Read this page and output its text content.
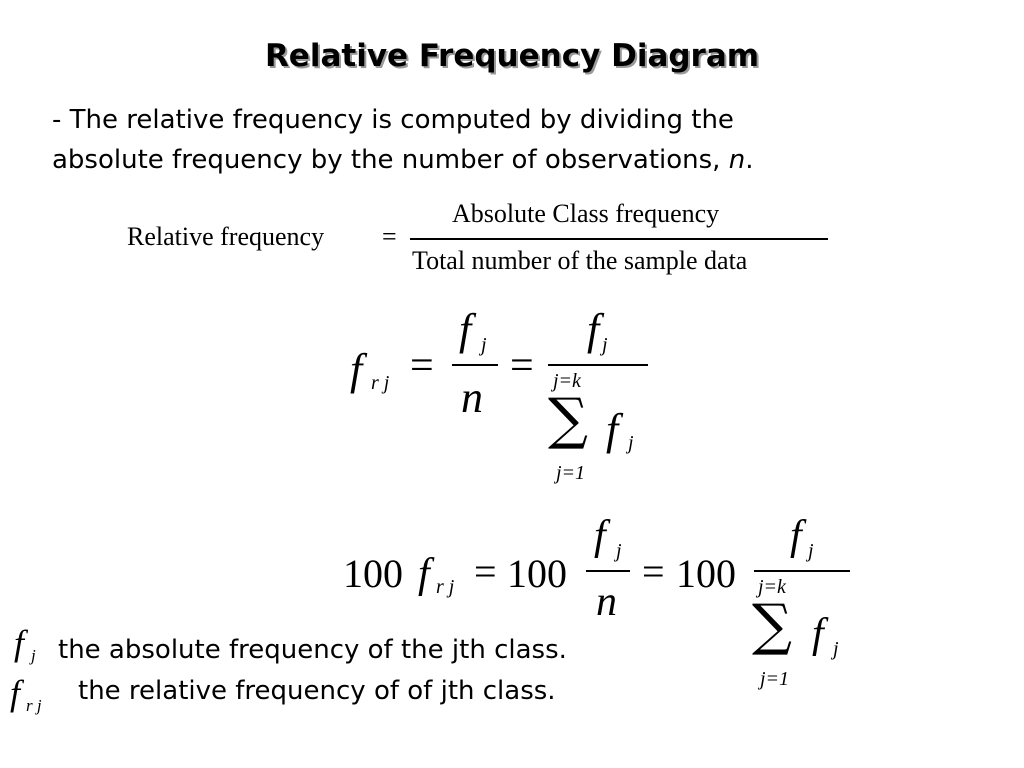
Relative Frequency Diagram
- The relative frequency is computed by dividing the
absolute frequency by the number of observations, n.
Relative frequency =
Absolute Class frequency
Total number of the sample data
f r j =
f j
n
=
f j
j=k
∑ f j
j=1
100 f r j = 100
f j
n
= 100
f j
j=k
∑ f j
j=1
f j the absolute frequency of the jth class.
f r j the relative frequency of of jth class.
